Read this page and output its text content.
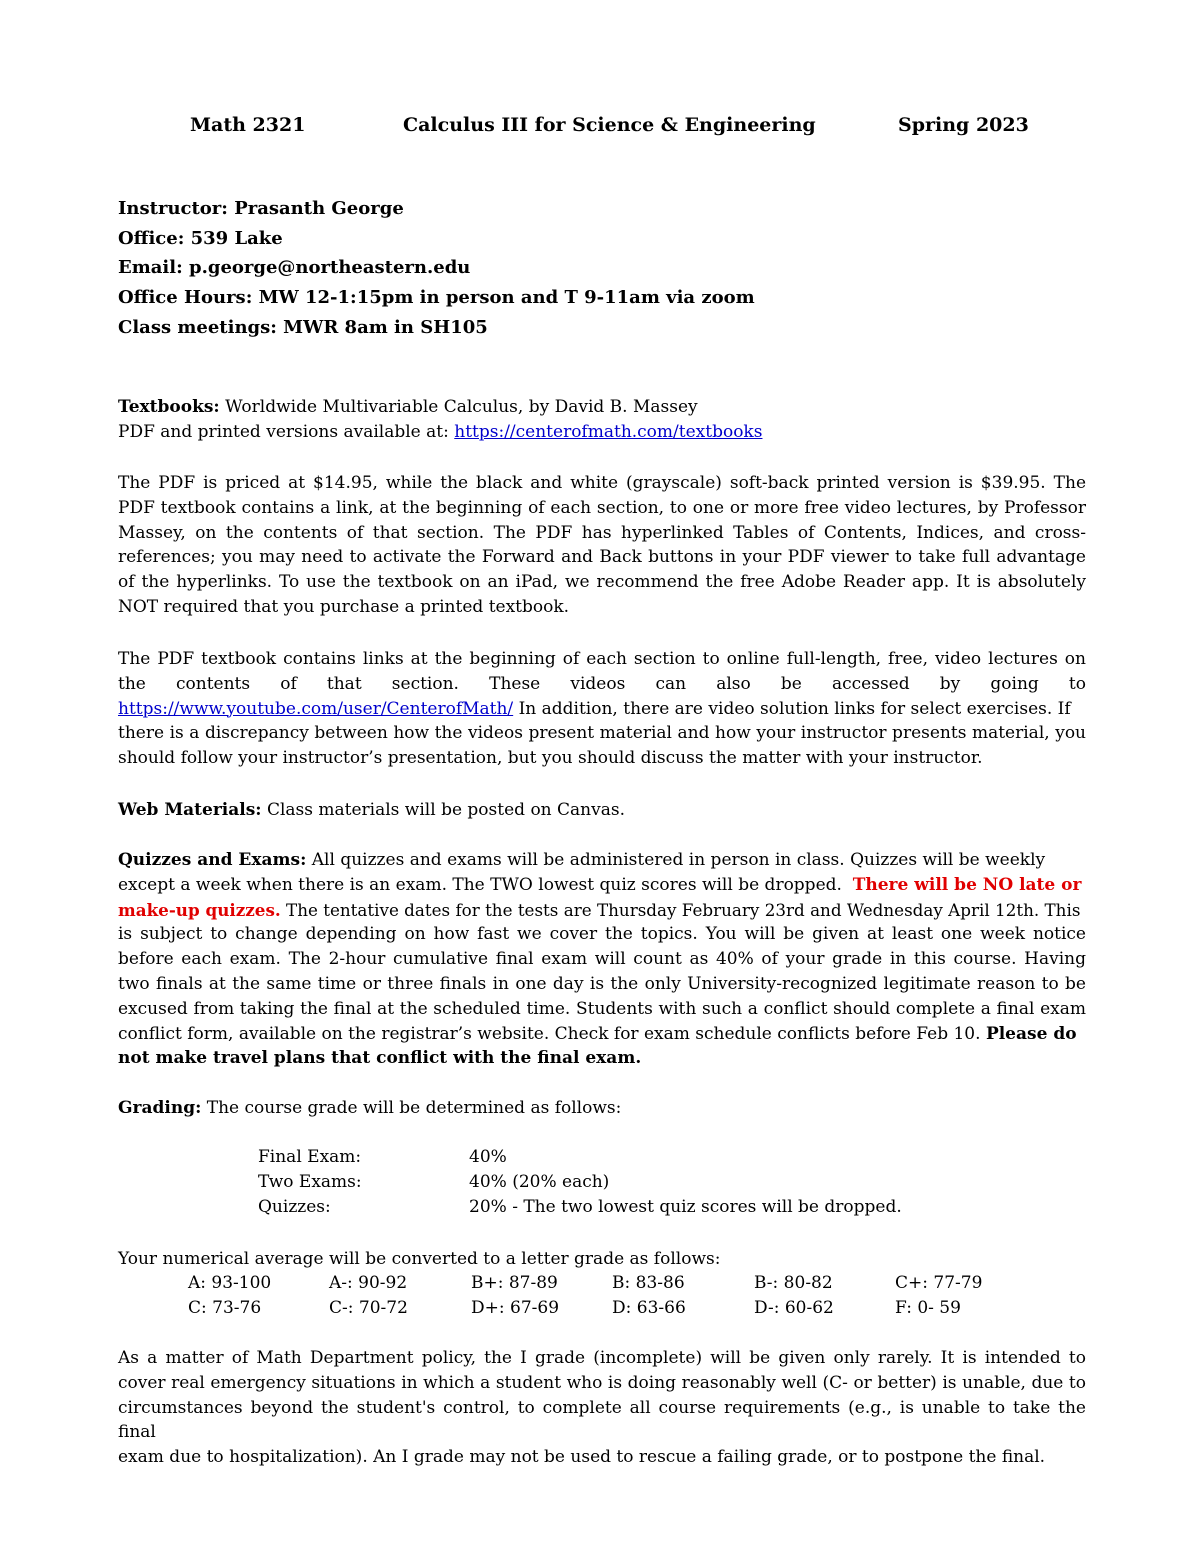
Math 2321	Calculus III for Science & Engineering	Spring 2023
Instructor: Prasanth George
Office: 539 Lake
Email: p.george@northeastern.edu
Office Hours: MW 12-1:15pm in person and T 9-11am via zoom
Class meetings: MWR 8am in SH105
Textbooks: Worldwide Multivariable Calculus, by David B. Massey
PDF and printed versions available at: https://centerofmath.com/textbooks
The PDF is priced at $14.95, while the black and white (grayscale) soft-back printed version is $39.95. The
PDF textbook contains a link, at the beginning of each section, to one or more free video lectures, by Professor
Massey, on the contents of that section. The PDF has hyperlinked Tables of Contents, Indices, and cross-
references; you may need to activate the Forward and Back buttons in your PDF viewer to take full advantage
of the hyperlinks. To use the textbook on an iPad, we recommend the free Adobe Reader app. It is absolutely
NOT required that you purchase a printed textbook.
The PDF textbook contains links at the beginning of each section to online full-length, free, video lectures on
the contents of that section. These videos can also be accessed by going to
https://www.youtube.com/user/CenterofMath/ In addition, there are video solution links for select exercises. If
there is a discrepancy between how the videos present material and how your instructor presents material, you
should follow your instructor’s presentation, but you should discuss the matter with your instructor.
Web Materials: Class materials will be posted on Canvas.
Quizzes and Exams: All quizzes and exams will be administered in person in class. Quizzes will be weekly
except a week when there is an exam. The TWO lowest quiz scores will be dropped. There will be NO late or
make-up quizzes. The tentative dates for the tests are Thursday February 23rd and Wednesday April 12th. This
is subject to change depending on how fast we cover the topics. You will be given at least one week notice
before each exam. The 2-hour cumulative final exam will count as 40% of your grade in this course. Having
two finals at the same time or three finals in one day is the only University-recognized legitimate reason to be
excused from taking the final at the scheduled time. Students with such a conflict should complete a final exam
conflict form, available on the registrar’s website. Check for exam schedule conflicts before Feb 10. Please do
not make travel plans that conflict with the final exam.
Grading: The course grade will be determined as follows:
Final Exam:	40%
Two Exams:	40% (20% each)
Quizzes:	20% - The two lowest quiz scores will be dropped.
Your numerical average will be converted to a letter grade as follows:
A: 93-100	A-: 90-92	B+: 87-89	B: 83-86	B-: 80-82	C+: 77-79
C: 73-76	C-: 70-72	D+: 67-69	D: 63-66	D-: 60-62	F: 0- 59
As a matter of Math Department policy, the I grade (incomplete) will be given only rarely. It is intended to
cover real emergency situations in which a student who is doing reasonably well (C- or better) is unable, due to
circumstances beyond the student's control, to complete all course requirements (e.g., is unable to take the final
exam due to hospitalization). An I grade may not be used to rescue a failing grade, or to postpone the final.
